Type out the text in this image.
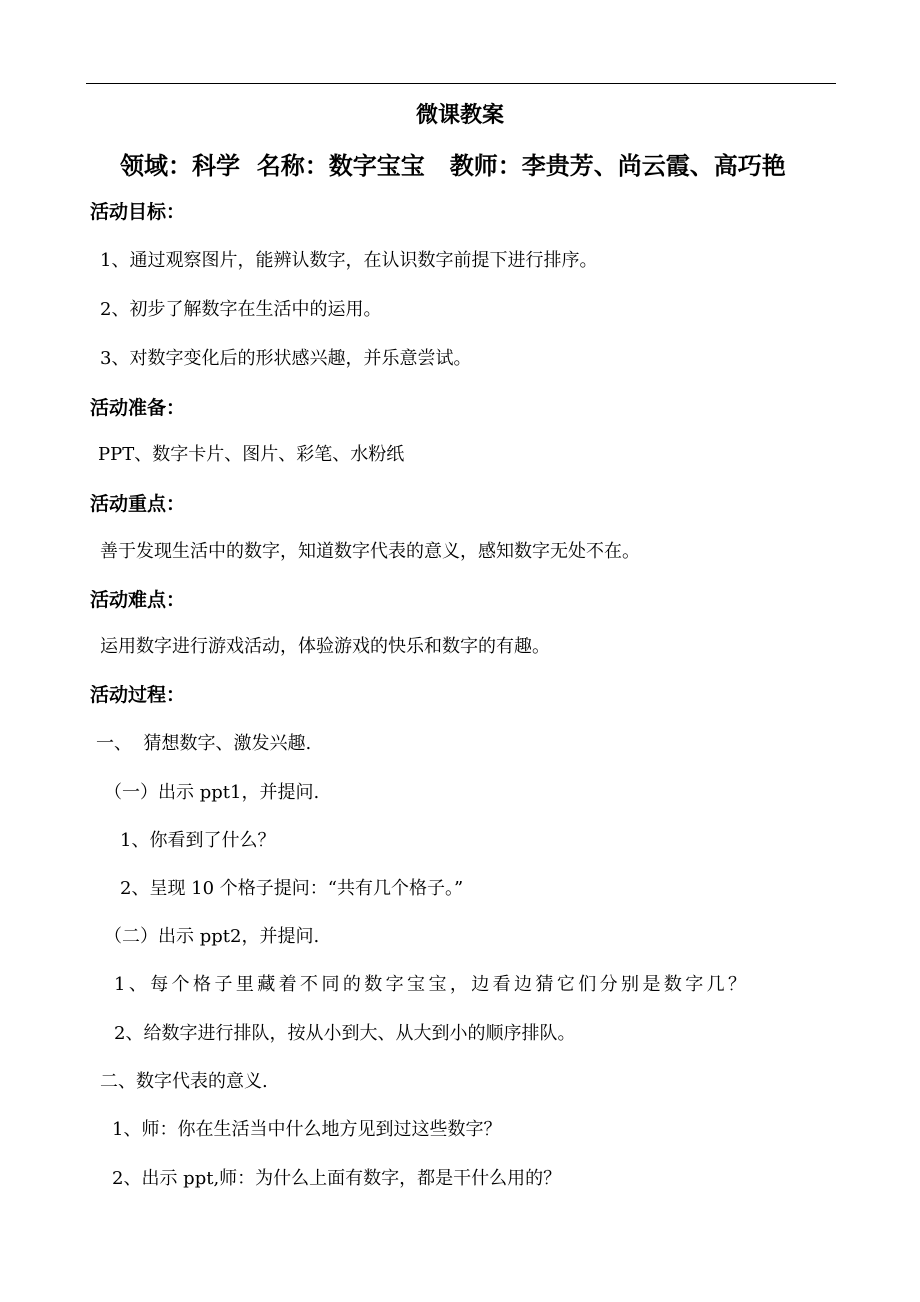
微课教案
领域：科学  名称：数字宝宝   教师：李贵芳、尚云霞、高巧艳
活动目标：
1、通过观察图片，能辨认数字，在认识数字前提下进行排序。
2、初步了解数字在生活中的运用。
3、对数字变化后的形状感兴趣，并乐意尝试。
活动准备：
PPT、数字卡片、图片、彩笔、水粉纸
活动重点：
善于发现生活中的数字，知道数字代表的意义，感知数字无处不在。
活动难点：
运用数字进行游戏活动，体验游戏的快乐和数字的有趣。
活动过程：
一、  猜想数字、激发兴趣.
（一）出示 ppt1，并提问.
1、你看到了什么？
2、呈现 10 个格子提问：“共有几个格子。”
（二）出示 ppt2，并提问.
1、每个格子里藏着不同的数字宝宝，边看边猜它们分别是数字几？
2、给数字进行排队，按从小到大、从大到小的顺序排队。
二、数字代表的意义.
1、师：你在生活当中什么地方见到过这些数字？
2、出示 ppt,师：为什么上面有数字，都是干什么用的？
